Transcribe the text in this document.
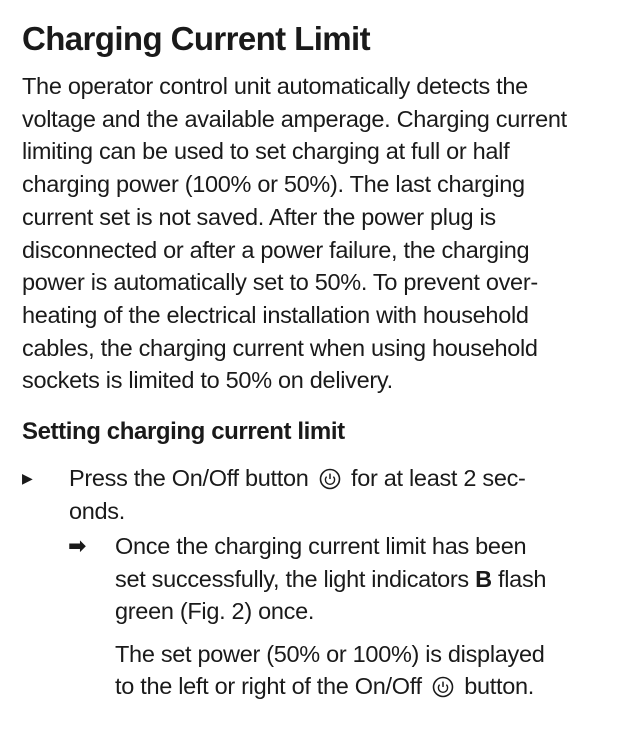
Charging Current Limit
The operator control unit automatically detects the
voltage and the available amperage. Charging current
limiting can be used to set charging at full or half
charging power (100% or 50%). The last charging
current set is not saved. After the power plug is
disconnected or after a power failure, the charging
power is automatically set to 50%. To prevent over-
heating of the electrical installation with household
cables, the charging current when using household
sockets is limited to 50% on delivery.
Setting charging current limit
▶ Press the On/Off button for at least 2 sec-
onds.
➡ Once the charging current limit has been
set successfully, the light indicators B flash
green (Fig. 2) once.
The set power (50% or 100%) is displayed
to the left or right of the On/Off button.
